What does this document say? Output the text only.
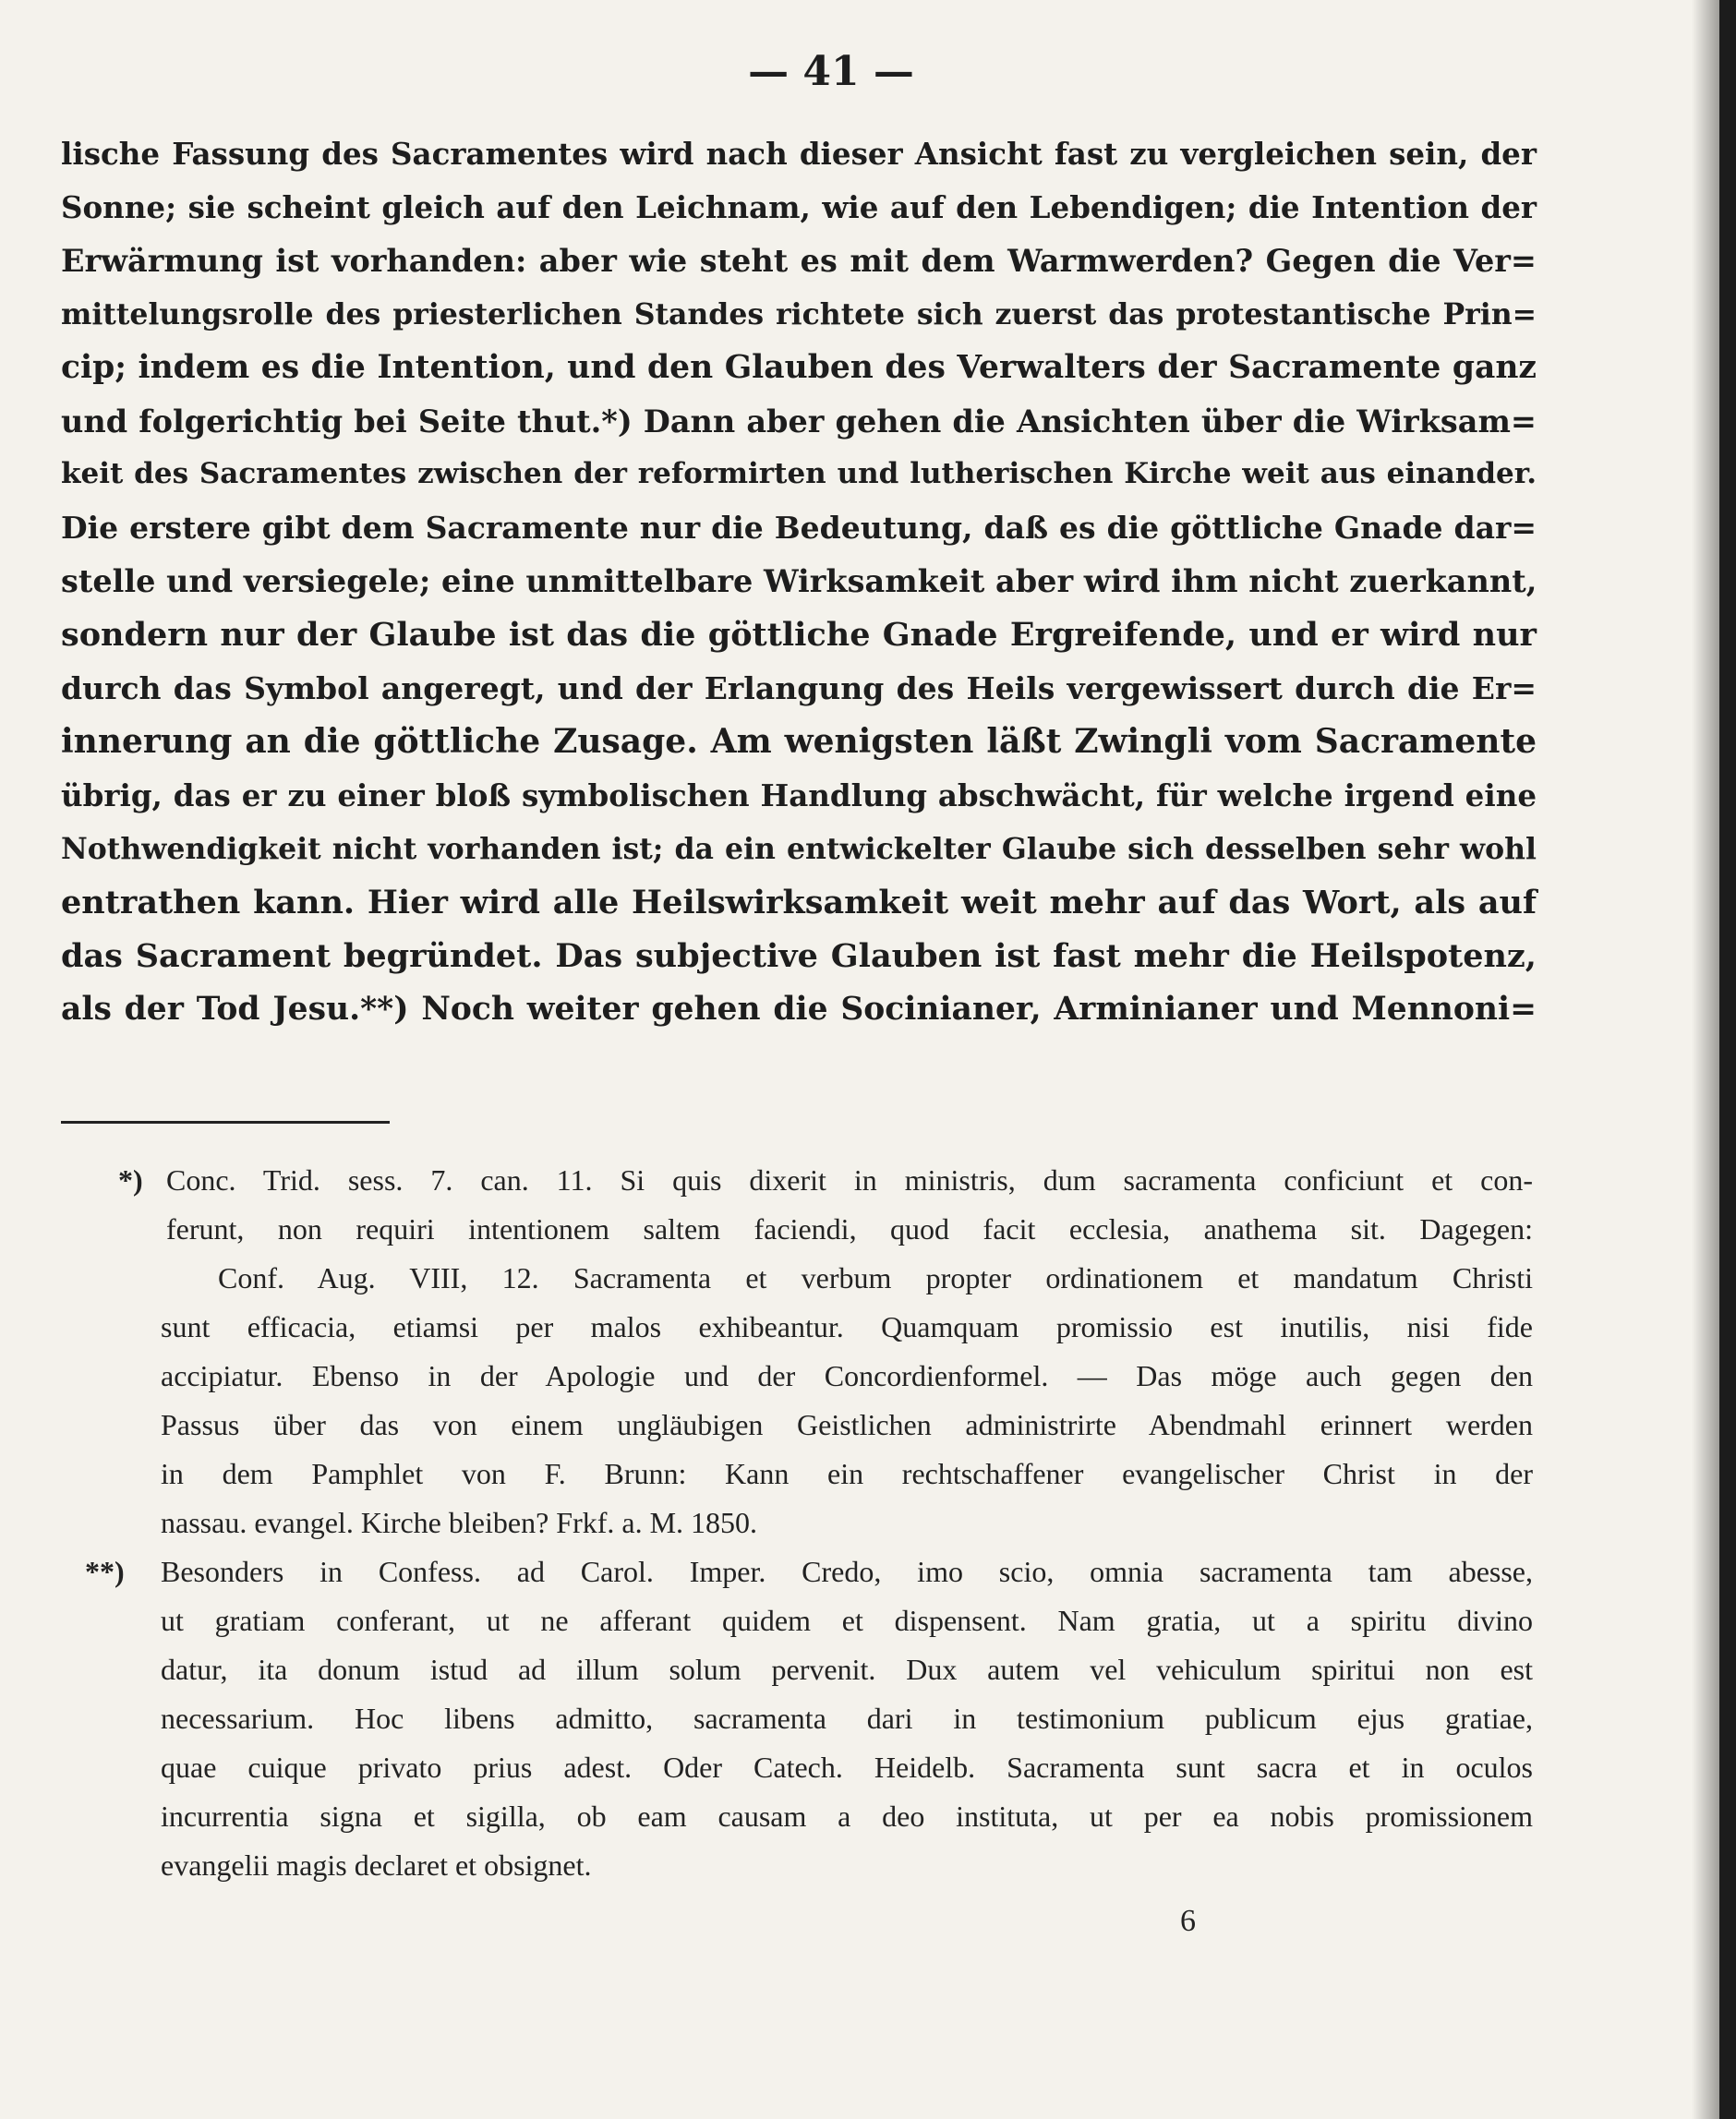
— 41 —
lische Fassung des Sacramentes wird nach dieser Ansicht fast zu vergleichen sein, der
Sonne; sie scheint gleich auf den Leichnam, wie auf den Lebendigen; die Intention der
Erwärmung ist vorhanden: aber wie steht es mit dem Warmwerden? Gegen die Ver=
mittelungsrolle des priesterlichen Standes richtete sich zuerst das protestantische Prin=
cip; indem es die Intention, und den Glauben des Verwalters der Sacramente ganz
und folgerichtig bei Seite thut.*) Dann aber gehen die Ansichten über die Wirksam=
keit des Sacramentes zwischen der reformirten und lutherischen Kirche weit aus einander.
Die erstere gibt dem Sacramente nur die Bedeutung, daß es die göttliche Gnade dar=
stelle und versiegele; eine unmittelbare Wirksamkeit aber wird ihm nicht zuerkannt,
sondern nur der Glaube ist das die göttliche Gnade Ergreifende, und er wird nur
durch das Symbol angeregt, und der Erlangung des Heils vergewissert durch die Er=
innerung an die göttliche Zusage. Am wenigsten läßt Zwingli vom Sacramente
übrig, das er zu einer bloß symbolischen Handlung abschwächt, für welche irgend eine
Nothwendigkeit nicht vorhanden ist; da ein entwickelter Glaube sich desselben sehr wohl
entrathen kann. Hier wird alle Heilswirksamkeit weit mehr auf das Wort, als auf
das Sacrament begründet. Das subjective Glauben ist fast mehr die Heilspotenz,
als der Tod Jesu.**) Noch weiter gehen die Socinianer, Arminianer und Mennoni=
*) Conc. Trid. sess. 7. can. 11. Si quis dixerit in ministris, dum sacramenta conficiunt et con-
ferunt, non requiri intentionem saltem faciendi, quod facit ecclesia, anathema sit. Dagegen:
Conf. Aug. VIII, 12. Sacramenta et verbum propter ordinationem et mandatum Christi
sunt efficacia, etiamsi per malos exhibeantur. Quamquam promissio est inutilis, nisi fide
accipiatur. Ebenso in der Apologie und der Concordienformel. — Das möge auch gegen den
Passus über das von einem ungläubigen Geistlichen administrirte Abendmahl erinnert werden
in dem Pamphlet von F. Brunn: Kann ein rechtschaffener evangelischer Christ in der
nassau. evangel. Kirche bleiben? Frkf. a. M. 1850.
**) Besonders in Confess. ad Carol. Imper. Credo, imo scio, omnia sacramenta tam abesse,
ut gratiam conferant, ut ne afferant quidem et dispensent. Nam gratia, ut a spiritu divino
datur, ita donum istud ad illum solum pervenit. Dux autem vel vehiculum spiritui non est
necessarium. Hoc libens admitto, sacramenta dari in testimonium publicum ejus gratiae,
quae cuique privato prius adest. Oder Catech. Heidelb. Sacramenta sunt sacra et in oculos
incurrentia signa et sigilla, ob eam causam a deo instituta, ut per ea nobis promissionem
evangelii magis declaret et obsignet.
6
